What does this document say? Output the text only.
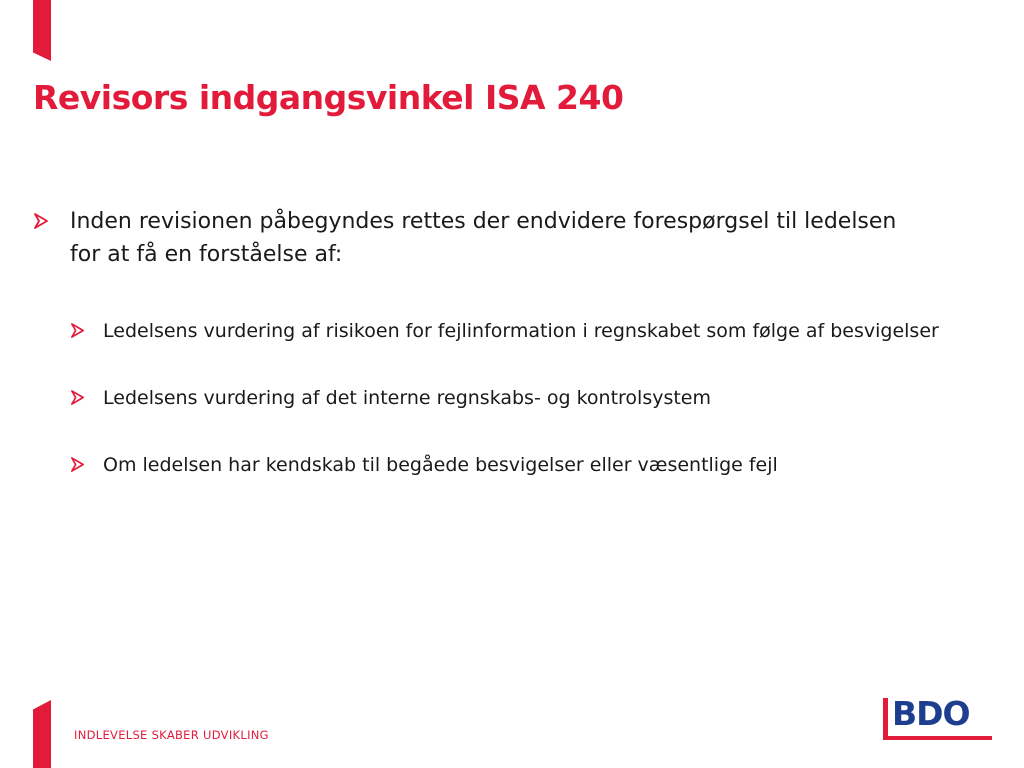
Revisors indgangsvinkel ISA 240
Inden revisionen påbegyndes rettes der endvidere forespørgsel til ledelsen for at få en forståelse af:
Ledelsens vurdering af risikoen for fejlinformation i regnskabet som følge af besvigelser
Ledelsens vurdering af det interne regnskabs- og kontrolsystem
Om ledelsen har kendskab til begåede besvigelser eller væsentlige fejl
INDLEVELSE SKABER UDVIKLING
BDO
